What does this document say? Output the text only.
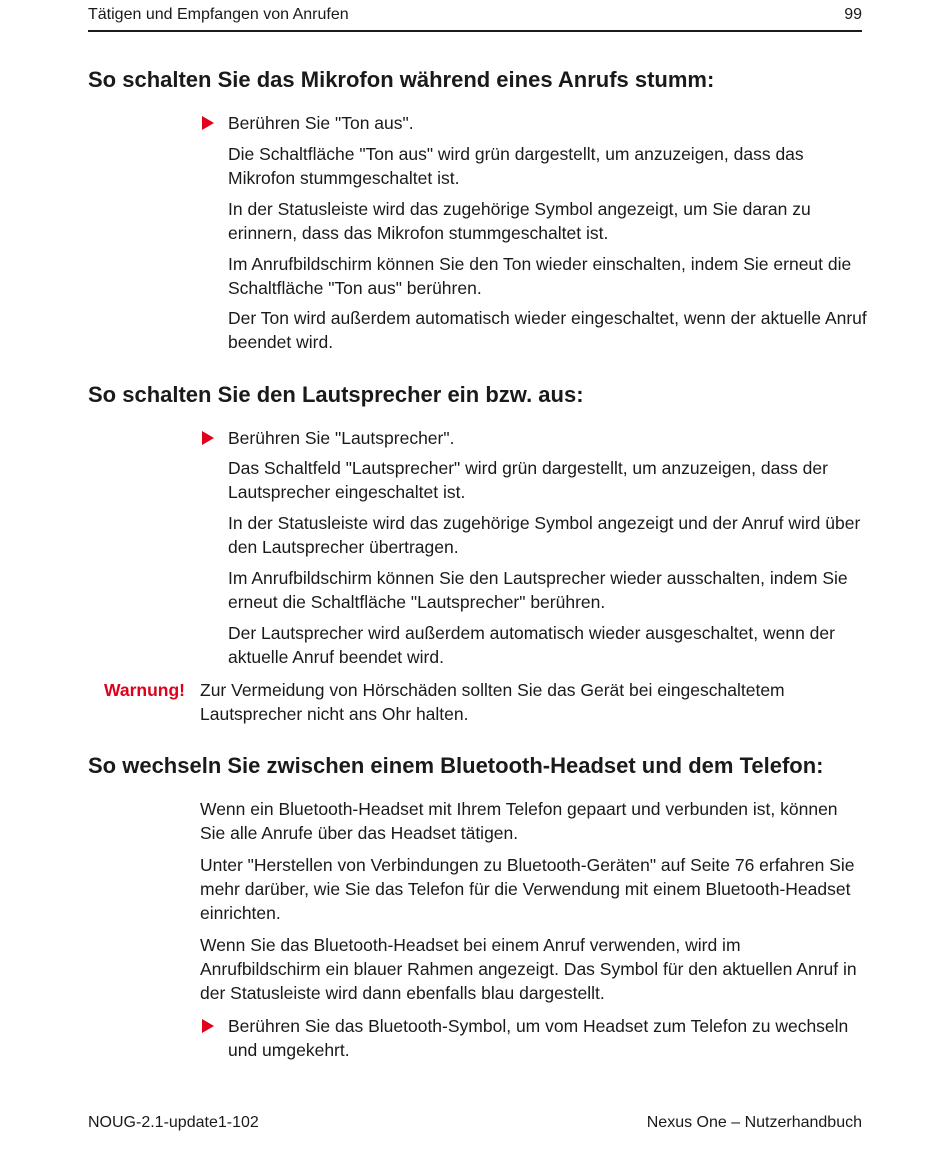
Tätigen und Empfangen von Anrufen	99
So schalten Sie das Mikrofon während eines Anrufs stumm:

Berühren Sie "Ton aus".

Die Schaltfläche "Ton aus" wird grün dargestellt, um anzuzeigen, dass das Mikrofon stummgeschaltet ist.

In der Statusleiste wird das zugehörige Symbol angezeigt, um Sie daran zu erinnern, dass das Mikrofon stummgeschaltet ist.

Im Anrufbildschirm können Sie den Ton wieder einschalten, indem Sie erneut die Schaltfläche "Ton aus" berühren.

Der Ton wird außerdem automatisch wieder eingeschaltet, wenn der aktuelle Anruf beendet wird.

So schalten Sie den Lautsprecher ein bzw. aus:

Berühren Sie "Lautsprecher".

Das Schaltfeld "Lautsprecher" wird grün dargestellt, um anzuzeigen, dass der Lautsprecher eingeschaltet ist.

In der Statusleiste wird das zugehörige Symbol angezeigt und der Anruf wird über den Lautsprecher übertragen.

Im Anrufbildschirm können Sie den Lautsprecher wieder ausschalten, indem Sie erneut die Schaltfläche "Lautsprecher" berühren.

Der Lautsprecher wird außerdem automatisch wieder ausgeschaltet, wenn der aktuelle Anruf beendet wird.

Warnung! Zur Vermeidung von Hörschäden sollten Sie das Gerät bei eingeschaltetem Lautsprecher nicht ans Ohr halten.

So wechseln Sie zwischen einem Bluetooth-Headset und dem Telefon:

Wenn ein Bluetooth-Headset mit Ihrem Telefon gepaart und verbunden ist, können Sie alle Anrufe über das Headset tätigen.

Unter "Herstellen von Verbindungen zu Bluetooth-Geräten" auf Seite 76 erfahren Sie mehr darüber, wie Sie das Telefon für die Verwendung mit einem Bluetooth-Headset einrichten.

Wenn Sie das Bluetooth-Headset bei einem Anruf verwenden, wird im Anrufbildschirm ein blauer Rahmen angezeigt. Das Symbol für den aktuellen Anruf in der Statusleiste wird dann ebenfalls blau dargestellt.

Berühren Sie das Bluetooth-Symbol, um vom Headset zum Telefon zu wechseln und umgekehrt.

NOUG-2.1-update1-102	Nexus One – Nutzerhandbuch
